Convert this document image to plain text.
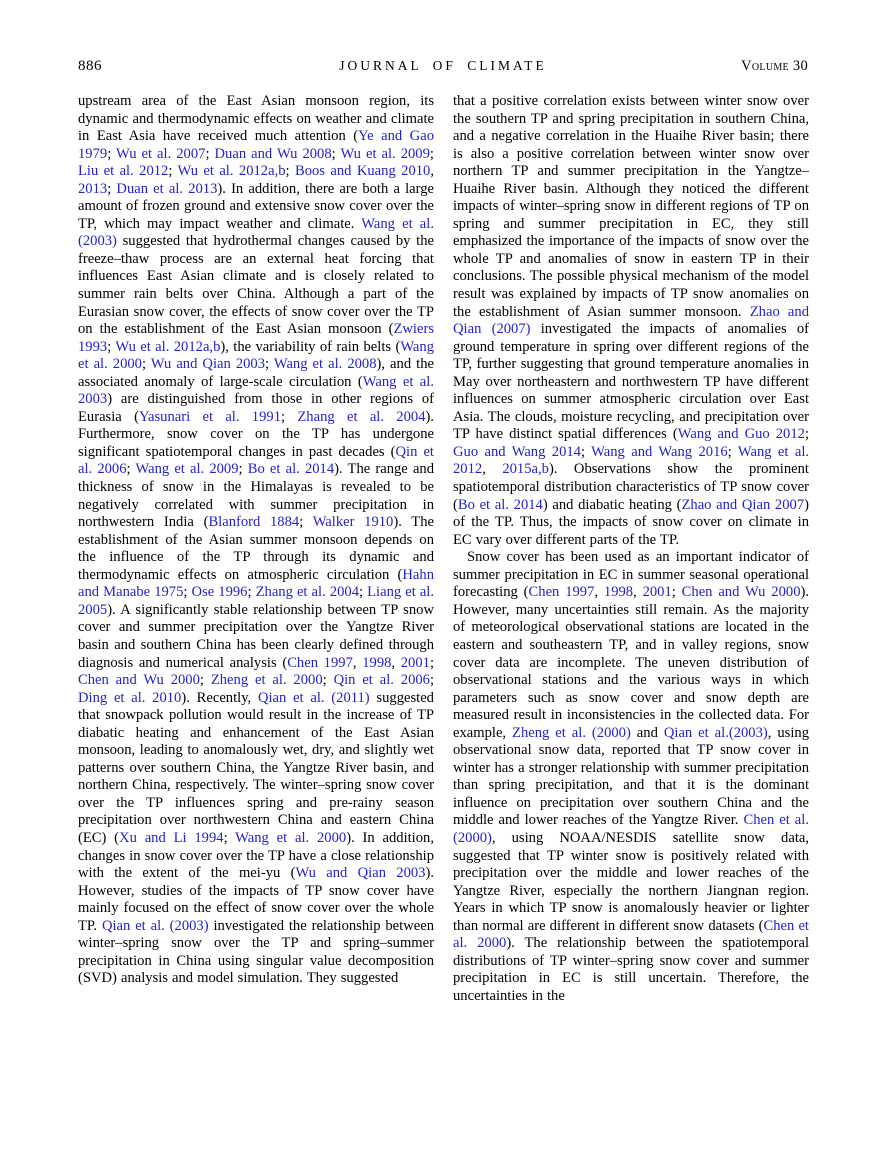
886	JOURNAL OF CLIMATE	Volume 30

upstream area of the East Asian monsoon region, its dynamic and thermodynamic effects on weather and climate in East Asia have received much attention (Ye and Gao 1979; Wu et al. 2007; Duan and Wu 2008; Wu et al. 2009; Liu et al. 2012; Wu et al. 2012a,b; Boos and Kuang 2010, 2013; Duan et al. 2013). In addition, there are both a large amount of frozen ground and extensive snow cover over the TP, which may impact weather and climate. Wang et al. (2003) suggested that hydrothermal changes caused by the freeze–thaw process are an external heat forcing that influences East Asian climate and is closely related to summer rain belts over China. Although a part of the Eurasian snow cover, the effects of snow cover over the TP on the establishment of the East Asian monsoon (Zwiers 1993; Wu et al. 2012a,b), the variability of rain belts (Wang et al. 2000; Wu and Qian 2003; Wang et al. 2008), and the associated anomaly of large-scale circulation (Wang et al. 2003) are distinguished from those in other regions of Eurasia (Yasunari et al. 1991; Zhang et al. 2004). Furthermore, snow cover on the TP has undergone significant spatiotemporal changes in past decades (Qin et al. 2006; Wang et al. 2009; Bo et al. 2014). The range and thickness of snow in the Himalayas is revealed to be negatively correlated with summer precipitation in northwestern India (Blanford 1884; Walker 1910). The establishment of the Asian summer monsoon depends on the influence of the TP through its dynamic and thermodynamic effects on atmospheric circulation (Hahn and Manabe 1975; Ose 1996; Zhang et al. 2004; Liang et al. 2005). A significantly stable relationship between TP snow cover and summer precipitation over the Yangtze River basin and southern China has been clearly defined through diagnosis and numerical analysis (Chen 1997, 1998, 2001; Chen and Wu 2000; Zheng et al. 2000; Qin et al. 2006; Ding et al. 2010). Recently, Qian et al. (2011) suggested that snowpack pollution would result in the increase of TP diabatic heating and enhancement of the East Asian monsoon, leading to anomalously wet, dry, and slightly wet patterns over southern China, the Yangtze River basin, and northern China, respectively. The winter–spring snow cover over the TP influences spring and pre-rainy season precipitation over northwestern China and eastern China (EC) (Xu and Li 1994; Wang et al. 2000). In addition, changes in snow cover over the TP have a close relationship with the extent of the mei-yu (Wu and Qian 2003). However, studies of the impacts of TP snow cover have mainly focused on the effect of snow cover over the whole TP. Qian et al. (2003) investigated the relationship between winter–spring snow over the TP and spring–summer precipitation in China using singular value decomposition (SVD) analysis and model simulation. They suggested

that a positive correlation exists between winter snow over the southern TP and spring precipitation in southern China, and a negative correlation in the Huaihe River basin; there is also a positive correlation between winter snow over northern TP and summer precipitation in the Yangtze–Huaihe River basin. Although they noticed the different impacts of winter–spring snow in different regions of TP on spring and summer precipitation in EC, they still emphasized the importance of the impacts of snow over the whole TP and anomalies of snow in eastern TP in their conclusions. The possible physical mechanism of the model result was explained by impacts of TP snow anomalies on the establishment of Asian summer monsoon. Zhao and Qian (2007) investigated the impacts of anomalies of ground temperature in spring over different regions of the TP, further suggesting that ground temperature anomalies in May over northeastern and northwestern TP have different influences on summer atmospheric circulation over East Asia. The clouds, moisture recycling, and precipitation over TP have distinct spatial differences (Wang and Guo 2012; Guo and Wang 2014; Wang and Wang 2016; Wang et al. 2012, 2015a,b). Observations show the prominent spatiotemporal distribution characteristics of TP snow cover (Bo et al. 2014) and diabatic heating (Zhao and Qian 2007) of the TP. Thus, the impacts of snow cover on climate in EC vary over different parts of the TP.

Snow cover has been used as an important indicator of summer precipitation in EC in summer seasonal operational forecasting (Chen 1997, 1998, 2001; Chen and Wu 2000). However, many uncertainties still remain. As the majority of meteorological observational stations are located in the eastern and southeastern TP, and in valley regions, snow cover data are incomplete. The uneven distribution of observational stations and the various ways in which parameters such as snow cover and snow depth are measured result in inconsistencies in the collected data. For example, Zheng et al. (2000) and Qian et al.(2003), using observational snow data, reported that TP snow cover in winter has a stronger relationship with summer precipitation than spring precipitation, and that it is the dominant influence on precipitation over southern China and the middle and lower reaches of the Yangtze River. Chen et al. (2000), using NOAA/NESDIS satellite snow data, suggested that TP winter snow is positively related with precipitation over the middle and lower reaches of the Yangtze River, especially the northern Jiangnan region. Years in which TP snow is anomalously heavier or lighter than normal are different in different snow datasets (Chen et al. 2000). The relationship between the spatiotemporal distributions of TP winter–spring snow cover and summer precipitation in EC is still uncertain. Therefore, the uncertainties in the
